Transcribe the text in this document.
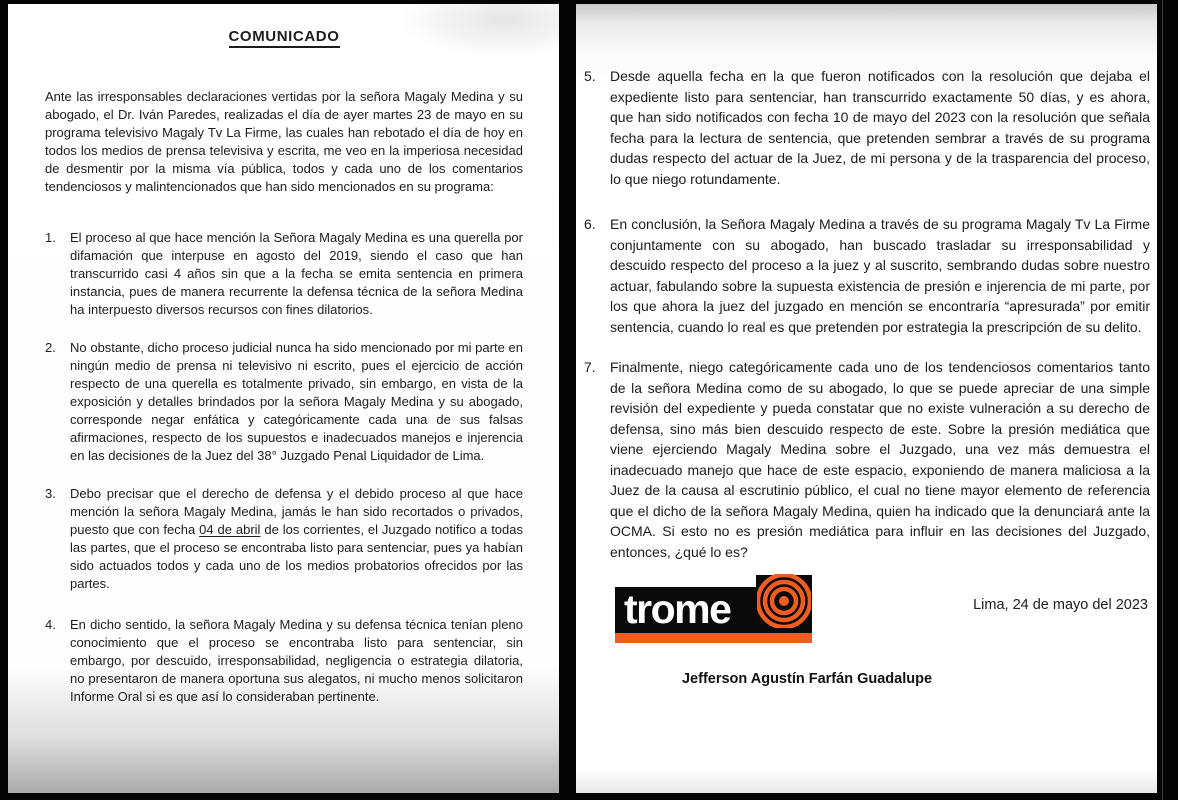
COMUNICADO

Ante las irresponsables declaraciones vertidas por la señora Magaly Medina y su abogado, el Dr. Iván Paredes, realizadas el día de ayer martes 23 de mayo en su programa televisivo Magaly Tv La Firme, las cuales han rebotado el día de hoy en todos los medios de prensa televisiva y escrita, me veo en la imperiosa necesidad de desmentir por la misma vía pública, todos y cada uno de los comentarios tendenciosos y malintencionados que han sido mencionados en su programa:

1.	El proceso al que hace mención la Señora Magaly Medina es una querella por difamación que interpuse en agosto del 2019, siendo el caso que han transcurrido casi 4 años sin que a la fecha se emita sentencia en primera instancia, pues de manera recurrente la defensa técnica de la señora Medina ha interpuesto diversos recursos con fines dilatorios.
2.	No obstante, dicho proceso judicial nunca ha sido mencionado por mi parte en ningún medio de prensa ni televisivo ni escrito, pues el ejercicio de acción respecto de una querella es totalmente privado, sin embargo, en vista de la exposición y detalles brindados por la señora Magaly Medina y su abogado, corresponde negar enfática y categóricamente cada una de sus falsas afirmaciones, respecto de los supuestos e inadecuados manejos e injerencia en las decisiones de la Juez del 38° Juzgado Penal Liquidador de Lima.
3.	Debo precisar que el derecho de defensa y el debido proceso al que hace mención la señora Magaly Medina, jamás le han sido recortados o privados, puesto que con fecha 04 de abril de los corrientes, el Juzgado notifico a todas las partes, que el proceso se encontraba listo para sentenciar, pues ya habían sido actuados todos y cada uno de los medios probatorios ofrecidos por las partes.
4.	En dicho sentido, la señora Magaly Medina y su defensa técnica tenían pleno conocimiento que el proceso se encontraba listo para sentenciar, sin embargo, por descuido, irresponsabilidad, negligencia o estrategia dilatoria, no presentaron de manera oportuna sus alegatos, ni mucho menos solicitaron Informe Oral si es que así lo consideraban pertinente.
5.	Desde aquella fecha en la que fueron notificados con la resolución que dejaba el expediente listo para sentenciar, han transcurrido exactamente 50 días, y es ahora, que han sido notificados con fecha 10 de mayo del 2023 con la resolución que señala fecha para la lectura de sentencia, que pretenden sembrar a través de su programa dudas respecto del actuar de la Juez, de mi persona y de la trasparencia del proceso, lo que niego rotundamente.
6.	En conclusión, la Señora Magaly Medina a través de su programa Magaly Tv La Firme conjuntamente con su abogado, han buscado trasladar su irresponsabilidad y descuido respecto del proceso a la juez y al suscrito, sembrando dudas sobre nuestro actuar, fabulando sobre la supuesta existencia de presión e injerencia de mi parte, por los que ahora la juez del juzgado en mención se encontraría “apresurada” por emitir sentencia, cuando lo real es que pretenden por estrategia la prescripción de su delito.
7.	Finalmente, niego categóricamente cada uno de los tendenciosos comentarios tanto de la señora Medina como de su abogado, lo que se puede apreciar de una simple revisión del expediente y pueda constatar que no existe vulneración a su derecho de defensa, sino más bien descuido respecto de este. Sobre la presión mediática que viene ejerciendo Magaly Medina sobre el Juzgado, una vez más demuestra el inadecuado manejo que hace de este espacio, exponiendo de manera maliciosa a la Juez de la causa al escrutinio público, el cual no tiene mayor elemento de referencia que el dicho de la señora Magaly Medina, quien ha indicado que la denunciará ante la OCMA. Si esto no es presión mediática para influir en las decisiones del Juzgado, entonces, ¿qué lo es?
trome	Lima, 24 de mayo del 2023
Jefferson Agustín Farfán Guadalupe
